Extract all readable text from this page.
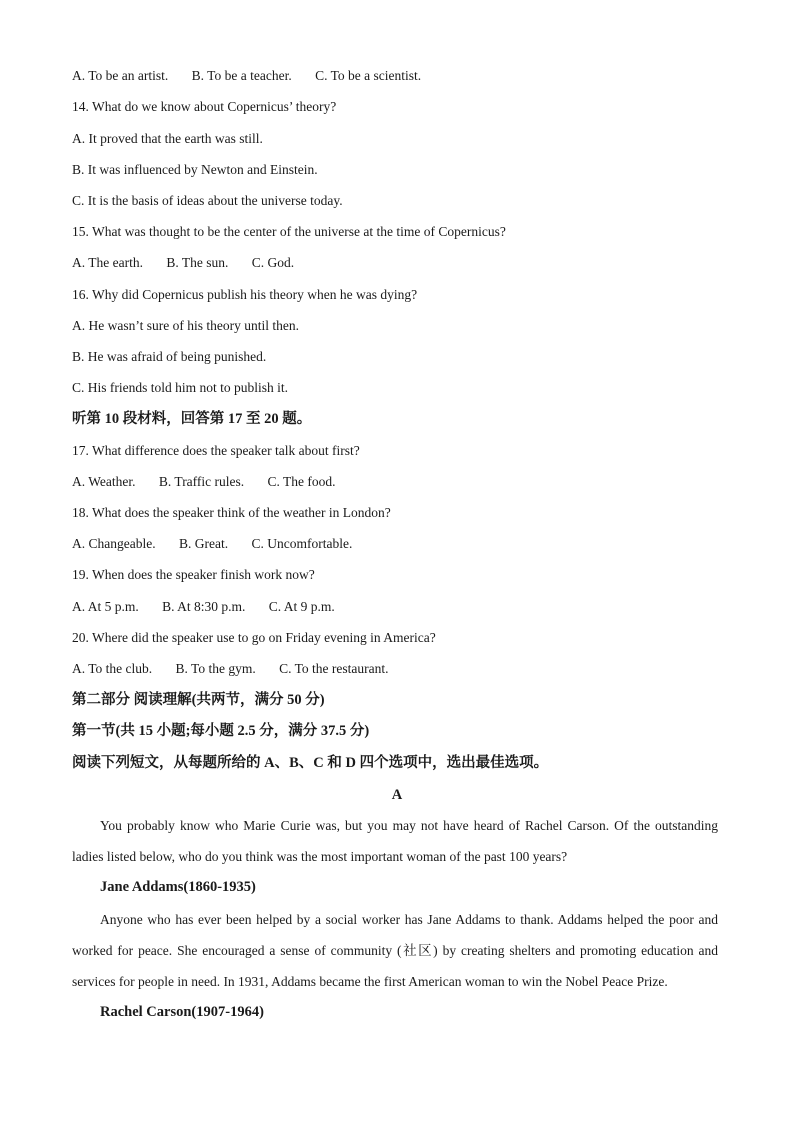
A. To be an artist. B. To be a teacher. C. To be a scientist.
14. What do we know about Copernicus’ theory?
A. It proved that the earth was still.
B. It was influenced by Newton and Einstein.
C. It is the basis of ideas about the universe today.
15. What was thought to be the center of the universe at the time of Copernicus?
A. The earth. B. The sun. C. God.
16. Why did Copernicus publish his theory when he was dying?
A. He wasn’t sure of his theory until then.
B. He was afraid of being punished.
C. His friends told him not to publish it.
听第 10 段材料，回答第 17 至 20 题。
17. What difference does the speaker talk about first?
A. Weather. B. Traffic rules. C. The food.
18. What does the speaker think of the weather in London?
A. Changeable. B. Great. C. Uncomfortable.
19. When does the speaker finish work now?
A. At 5 p.m. B. At 8:30 p.m. C. At 9 p.m.
20. Where did the speaker use to go on Friday evening in America?
A. To the club. B. To the gym. C. To the restaurant.
第二部分 阅读理解(共两节，满分 50 分)
第一节(共 15 小题;每小题 2.5 分，满分 37.5 分)
阅读下列短文，从每题所给的 A、B、C 和 D 四个选项中，选出最佳选项。
A
You probably know who Marie Curie was, but you may not have heard of Rachel Carson. Of the outstanding ladies listed below, who do you think was the most important woman of the past 100 years?
Jane Addams(1860-1935)
Anyone who has ever been helped by a social worker has Jane Addams to thank. Addams helped the poor and worked for peace. She encouraged a sense of community (社区) by creating shelters and promoting education and services for people in need. In 1931, Addams became the first American woman to win the Nobel Peace Prize.
Rachel Carson(1907-1964)
